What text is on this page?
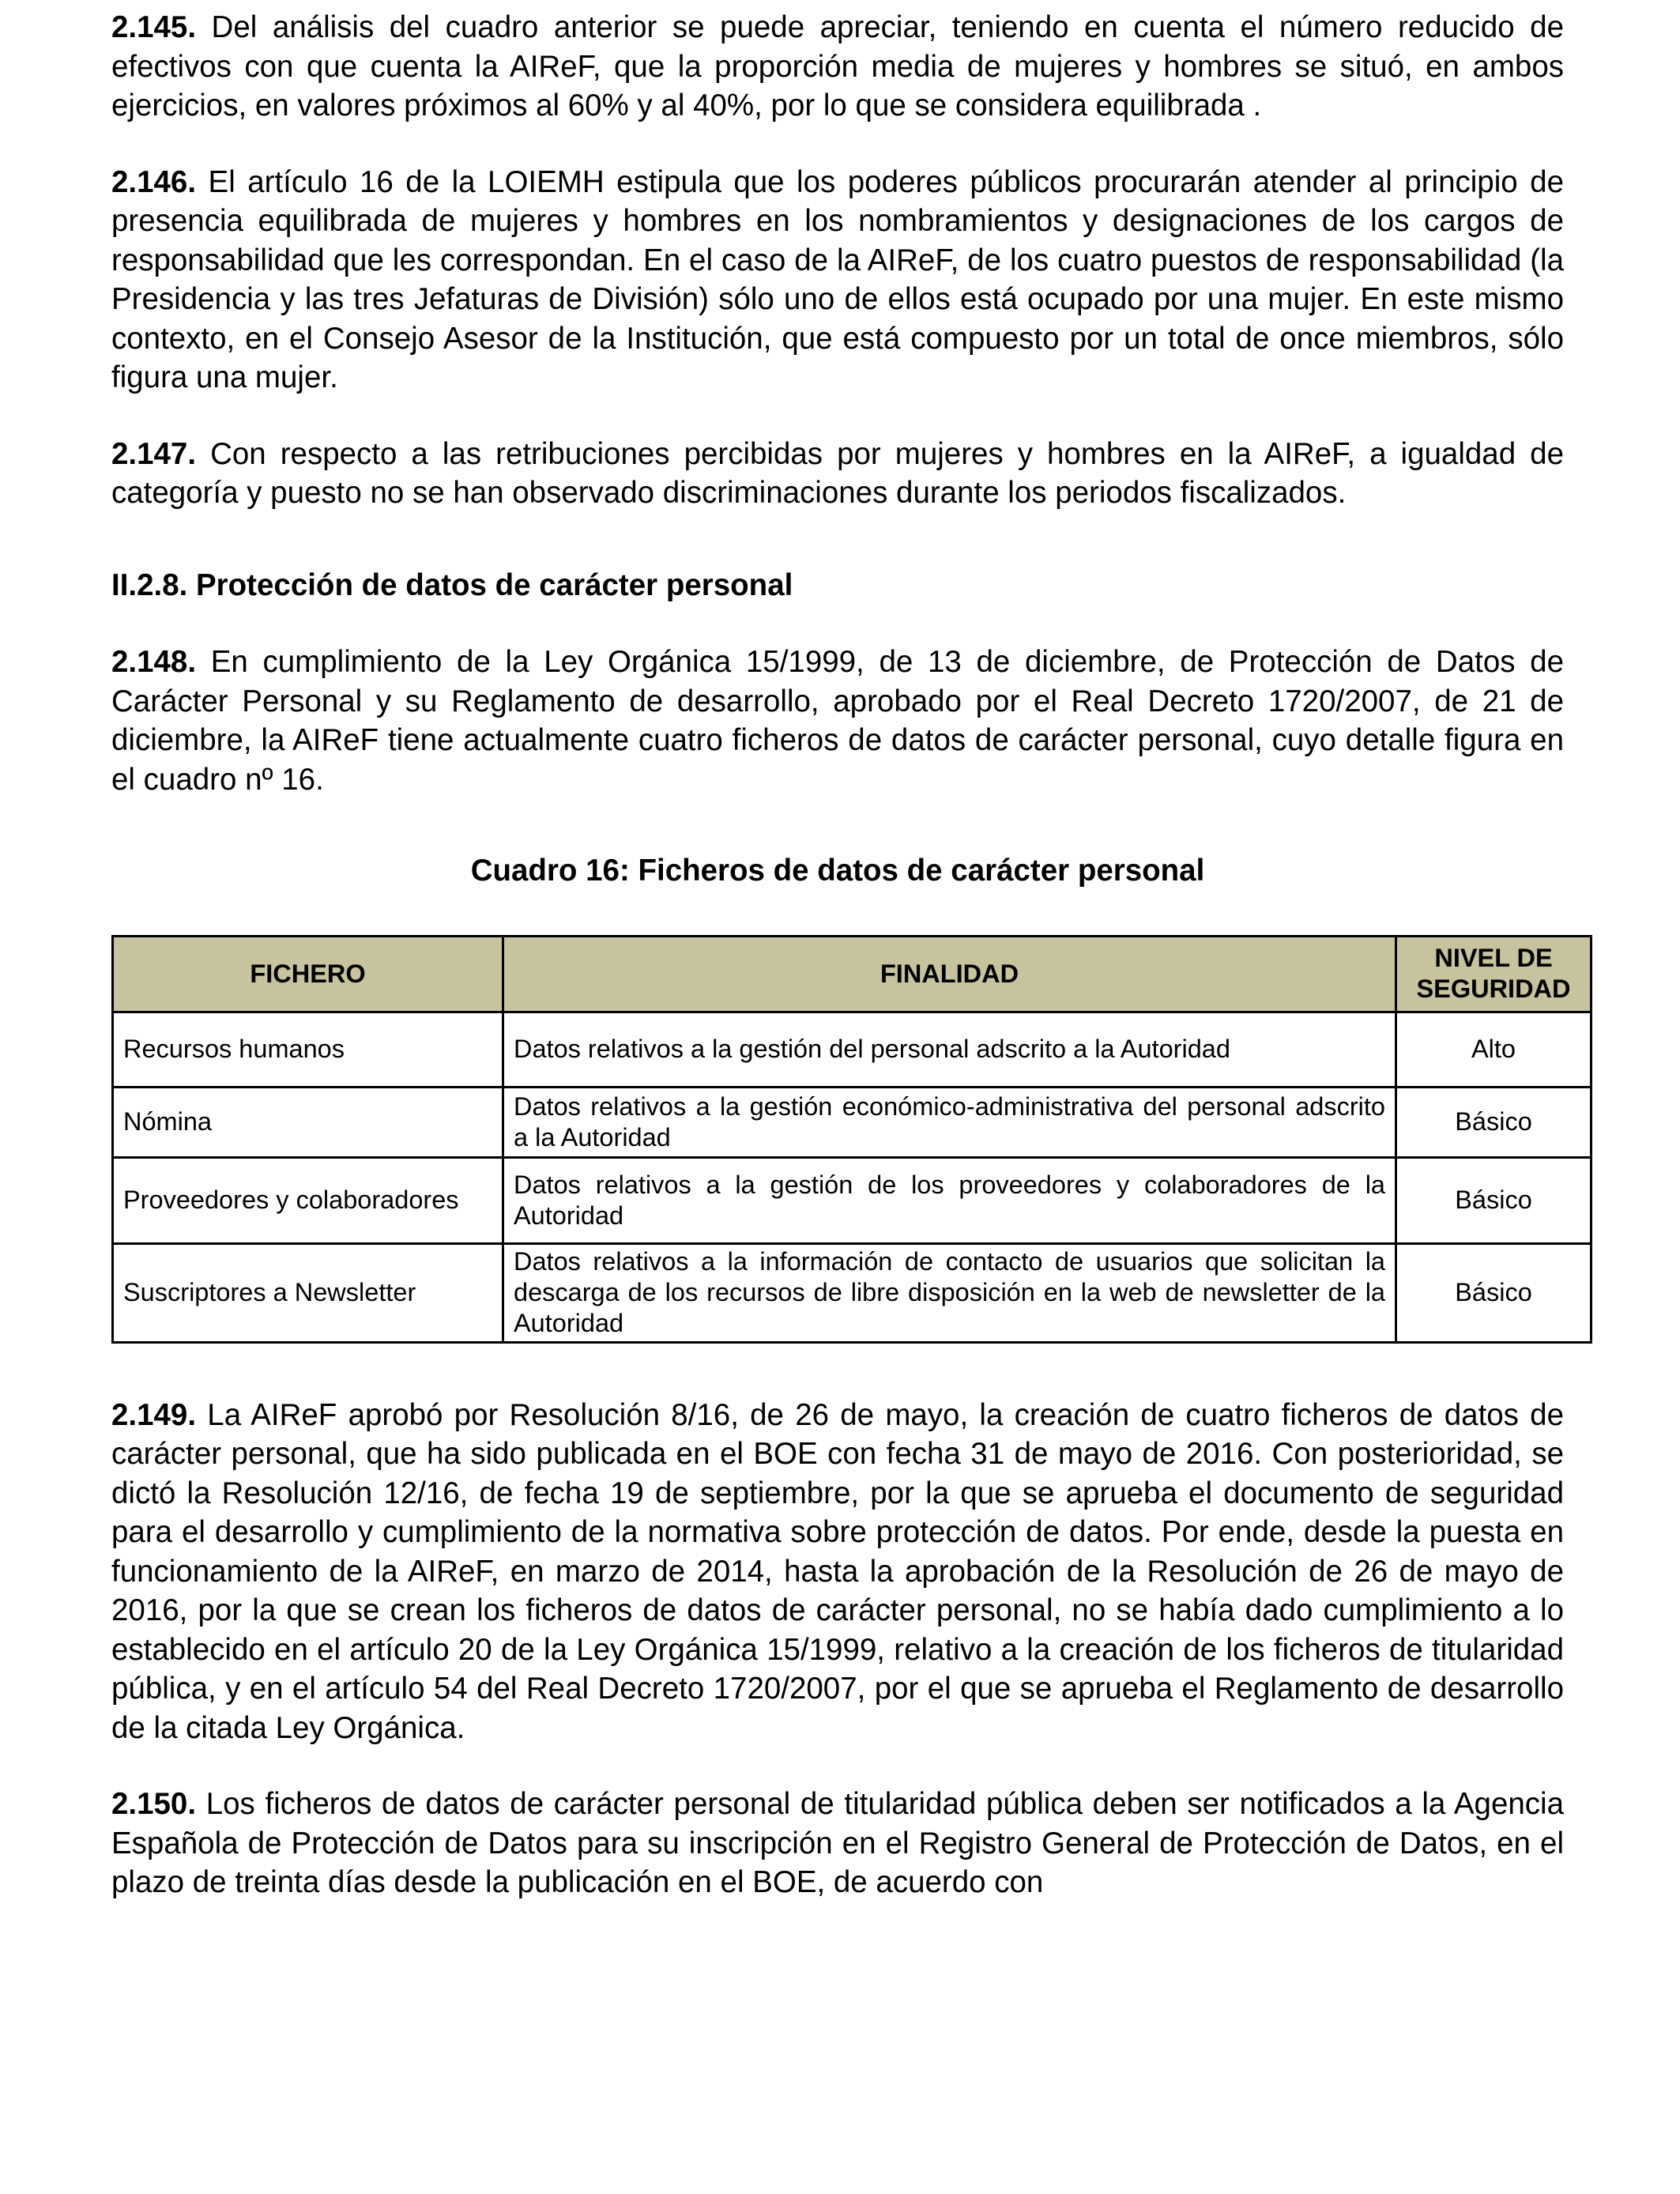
2.145. Del análisis del cuadro anterior se puede apreciar, teniendo en cuenta el número reducido de efectivos con que cuenta la AIReF, que la proporción media de mujeres y hombres se situó, en ambos ejercicios, en valores próximos al 60% y al 40%, por lo que se considera equilibrada .

2.146. El artículo 16 de la LOIEMH estipula que los poderes públicos procurarán atender al principio de presencia equilibrada de mujeres y hombres en los nombramientos y designaciones de los cargos de responsabilidad que les correspondan. En el caso de la AIReF, de los cuatro puestos de responsabilidad (la Presidencia y las tres Jefaturas de División) sólo uno de ellos está ocupado por una mujer. En este mismo contexto, en el Consejo Asesor de la Institución, que está compuesto por un total de once miembros, sólo figura una mujer.

2.147. Con respecto a las retribuciones percibidas por mujeres y hombres en la AIReF, a igualdad de categoría y puesto no se han observado discriminaciones durante los periodos fiscalizados.

II.2.8. Protección de datos de carácter personal

2.148. En cumplimiento de la Ley Orgánica 15/1999, de 13 de diciembre, de Protección de Datos de Carácter Personal y su Reglamento de desarrollo, aprobado por el Real Decreto 1720/2007, de 21 de diciembre, la AIReF tiene actualmente cuatro ficheros de datos de carácter personal, cuyo detalle figura en el cuadro nº 16.

Cuadro 16: Ficheros de datos de carácter personal
FICHERO	FINALIDAD	NIVEL DE SEGURIDAD
Recursos humanos	Datos relativos a la gestión del personal adscrito a la Autoridad	Alto
Nómina	Datos relativos a la gestión económico-administrativa del personal adscrito a la Autoridad	Básico
Proveedores y colaboradores	Datos relativos a la gestión de los proveedores y colaboradores de la Autoridad	Básico
Suscriptores a Newsletter	Datos relativos a la información de contacto de usuarios que solicitan la descarga de los recursos de libre disposición en la web de newsletter de la Autoridad	Básico

2.149. La AIReF aprobó por Resolución 8/16, de 26 de mayo, la creación de cuatro ficheros de datos de carácter personal, que ha sido publicada en el BOE con fecha 31 de mayo de 2016. Con posterioridad, se dictó la Resolución 12/16, de fecha 19 de septiembre, por la que se aprueba el documento de seguridad para el desarrollo y cumplimiento de la normativa sobre protección de datos. Por ende, desde la puesta en funcionamiento de la AIReF, en marzo de 2014, hasta la aprobación de la Resolución de 26 de mayo de 2016, por la que se crean los ficheros de datos de carácter personal, no se había dado cumplimiento a lo establecido en el artículo 20 de la Ley Orgánica 15/1999, relativo a la creación de los ficheros de titularidad pública, y en el artículo 54 del Real Decreto 1720/2007, por el que se aprueba el Reglamento de desarrollo de la citada Ley Orgánica.

2.150. Los ficheros de datos de carácter personal de titularidad pública deben ser notificados a la Agencia Española de Protección de Datos para su inscripción en el Registro General de Protección de Datos, en el plazo de treinta días desde la publicación en el BOE, de acuerdo con
